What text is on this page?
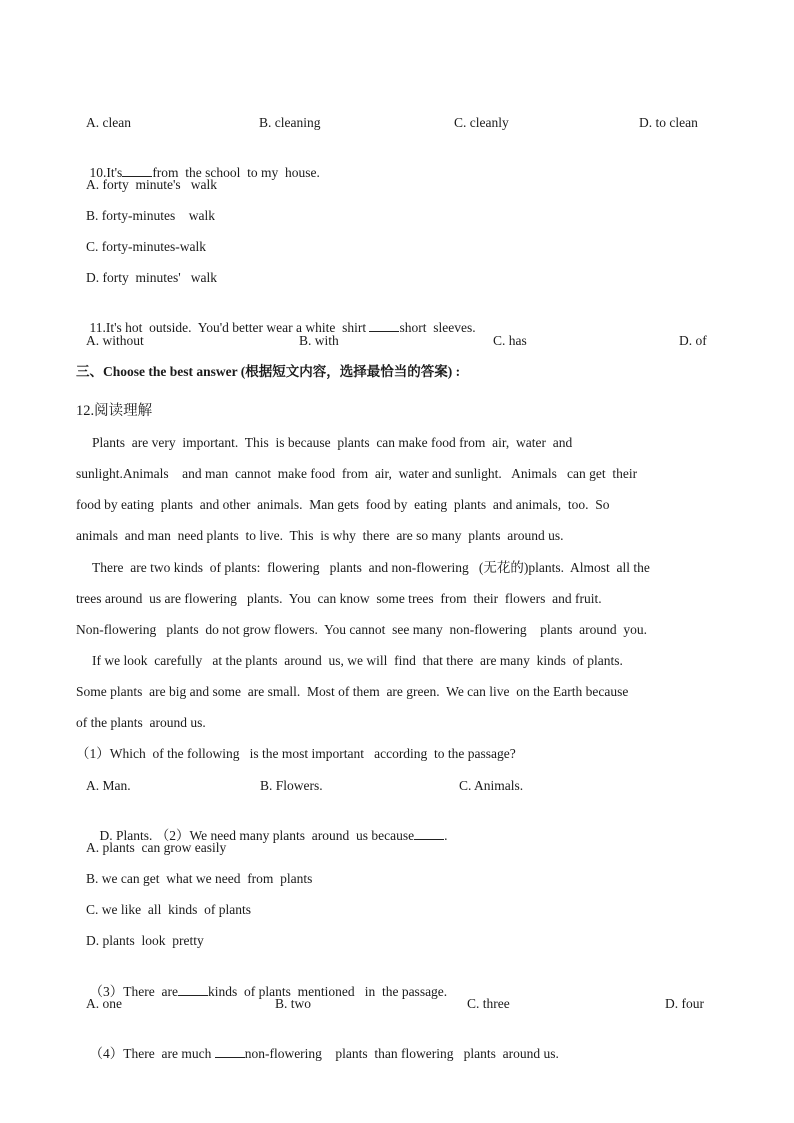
A. clean	B. cleaning	C. cleanly	D. to clean

10.It's from  the school  to my  house.

A. forty  minute's   walk
B. forty-minutes    walk
C. forty-minutes-walk
D. forty  minutes'   walk

11.It's hot  outside.  You'd better wear a white  shirt short  sleeves.

A. without	B. with	C. has	D. of
三、Choose the best answer (根据短文内容，选择最恰当的答案) :
12.阅读理解
Plants  are very  important.  This  is because  plants  can make food from  air,  water  and
sunlight.Animals    and man  cannot  make food  from  air,  water and sunlight.   Animals   can get  their
food by eating  plants  and other  animals.  Man gets  food by  eating  plants  and animals,  too.  So
animals  and man  need plants  to live.  This  is why  there  are so many  plants  around us.
There  are two kinds  of plants:  flowering   plants  and non-flowering   (无花的)plants.  Almost  all the
trees around  us are flowering   plants.  You  can know  some trees  from  their  flowers  and fruit.
Non-flowering   plants  do not grow flowers.  You cannot  see many  non-flowering    plants  around  you.
If we look  carefully   at the plants  around  us, we will  find  that there  are many  kinds  of plants.
Some plants  are big and some  are small.  Most of them  are green.  We can live  on the Earth because
of the plants  around us.
（1）Which  of the following   is the most important   according  to the passage?
A. Man.	B. Flowers.	C. Animals.

D. Plants. （2）We need many plants  around  us because .

A. plants  can grow easily
B. we can get  what we need  from  plants
C. we like  all  kinds  of plants
D. plants  look  pretty

（3）There  are kinds  of plants  mentioned   in  the passage.

A. one	B. two	C. three	D. four

（4）There  are much non-flowering    plants  than flowering   plants  around us.
